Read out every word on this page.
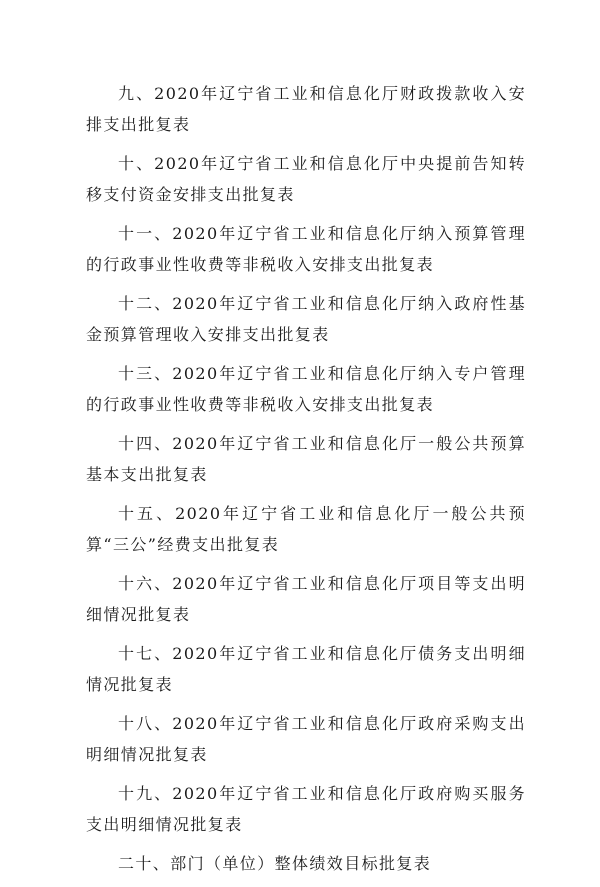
九、2020年辽宁省工业和信息化厅财政拨款收入安排支出批复表
十、2020年辽宁省工业和信息化厅中央提前告知转移支付资金安排支出批复表
十一、2020年辽宁省工业和信息化厅纳入预算管理的行政事业性收费等非税收入安排支出批复表
十二、2020年辽宁省工业和信息化厅纳入政府性基金预算管理收入安排支出批复表
十三、2020年辽宁省工业和信息化厅纳入专户管理的行政事业性收费等非税收入安排支出批复表
十四、2020年辽宁省工业和信息化厅一般公共预算基本支出批复表
十五、2020年辽宁省工业和信息化厅一般公共预算“三公”经费支出批复表
十六、2020年辽宁省工业和信息化厅项目等支出明细情况批复表
十七、2020年辽宁省工业和信息化厅债务支出明细情况批复表
十八、2020年辽宁省工业和信息化厅政府采购支出明细情况批复表
十九、2020年辽宁省工业和信息化厅政府购买服务支出明细情况批复表
二十、部门（单位）整体绩效目标批复表
